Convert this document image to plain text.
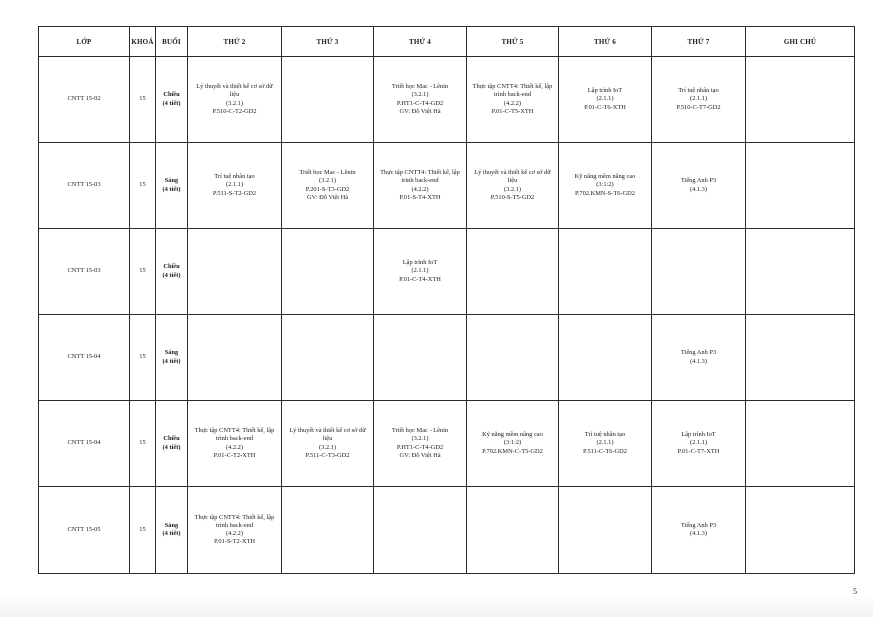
LỚP	KHOÁ	BUỔI	THỨ 2	THỨ 3	THỨ 4	THỨ 5	THỨ 6	THỨ 7	GHI CHÚ
CNTT 15-02	15	Chiều
(4 tiết)	Lý thuyết và thiết kế cơ sở dữ
liệu
(3.2.1)
P.510-C-T2-GD2		Triết học Mac - Lênin
(3.2.1)
P.HT1-C-T4-GD2
GV: Đỗ Việt Hà	Thực tập CNTT4: Thiết kế, lập
trình back-end
(4.2.2)
P.01-C-T5-XTH	Lập trình IoT
(2.1.1)
P.01-C-T6-XTH	Trí tuệ nhân tạo
(2.1.1)
P.510-C-T7-GD2	

CNTT 15-03	15	Sáng
(4 tiết)	Trí tuệ nhân tạo
(2.1.1)
P.511-S-T2-GD2	Triết học Mac - Lênin
(3.2.1)
P.201-S-T3-GD2
GV: Đỗ Việt Hà	Thực tập CNTT4: Thiết kế, lập
trình back-end
(4.2.2)
P.01-S-T4-XTH	Lý thuyết và thiết kế cơ sở dữ
liệu
(3.2.1)
P.510-S-T5-GD2	Kỹ năng mềm nâng cao
(3:1:2)
P.702.KMN-S-T6-GD2	Tiếng Anh P3
(4.1.3)	

CNTT 15-03	15	Chiều
(4 tiết)			Lập trình IoT
(2.1.1)
P.01-C-T4-XTH				

CNTT 15-04	15	Sáng
(4 tiết)						Tiếng Anh P3
(4.1.3)	

CNTT 15-04	15	Chiều
(4 tiết)	Thực tập CNTT4: Thiết kế, lập
trình back-end
(4.2.2)
P.01-C-T2-XTH	Lý thuyết và thiết kế cơ sở dữ
liệu
(3.2.1)
P.511-C-T3-GD2	Triết học Mac - Lênin
(3.2.1)
P.HT1-C-T4-GD2
GV: Đỗ Việt Hà	Kỹ năng mềm nâng cao
(3:1:2)
P.702.KMN-C-T5-GD2	Trí tuệ nhân tạo
(2.1.1)
P.511-C-T6-GD2	Lập trình IoT
(2.1.1)
P.01-C-T7-XTH	

CNTT 15-05	15	Sáng
(4 tiết)	Thực tập CNTT4: Thiết kế, lập
trình back-end
(4.2.2)
P.01-S-T2-XTH					Tiếng Anh P3
(4.1.3)	

5
